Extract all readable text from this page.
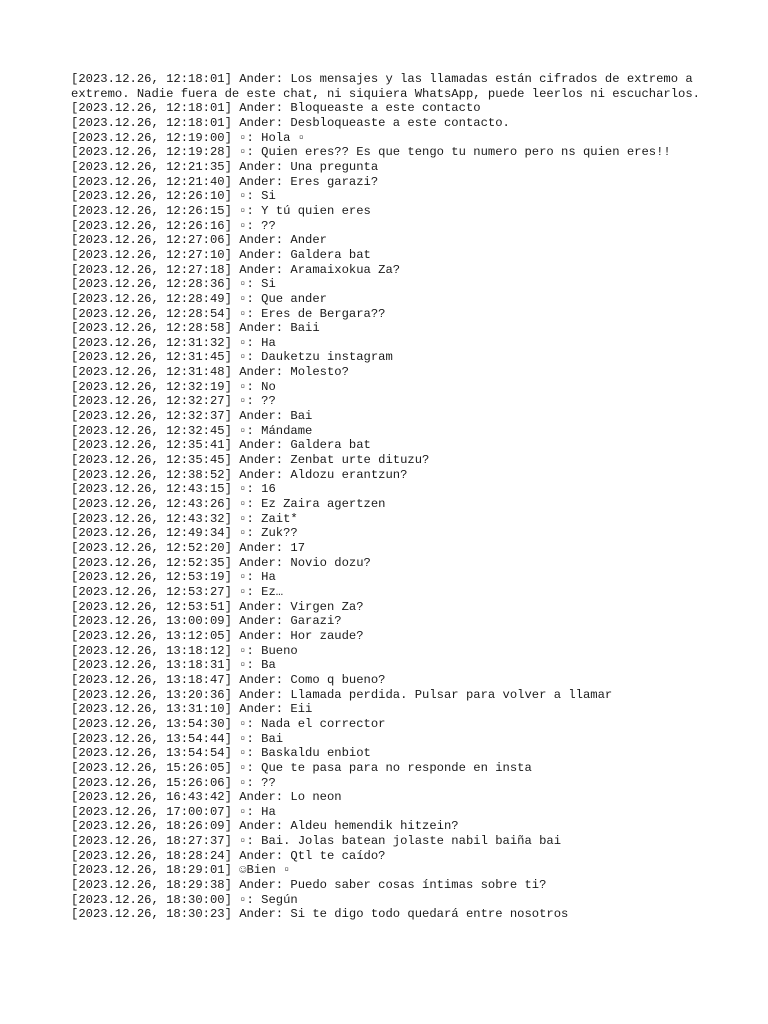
[2023.12.26, 12:18:01] Ander: Los mensajes y las llamadas están cifrados de extremo a extremo. Nadie fuera de este chat, ni siquiera WhatsApp, puede leerlos ni escucharlos.
[2023.12.26, 12:18:01] Ander: Bloqueaste a este contacto
[2023.12.26, 12:18:01] Ander: Desbloqueaste a este contacto.
[2023.12.26, 12:19:00] ▫: Hola ▫
[2023.12.26, 12:19:28] ▫: Quien eres?? Es que tengo tu numero pero ns quien eres!!
[2023.12.26, 12:21:35] Ander: Una pregunta
[2023.12.26, 12:21:40] Ander: Eres garazi?
[2023.12.26, 12:26:10] ▫: Si
[2023.12.26, 12:26:15] ▫: Y tú quien eres
[2023.12.26, 12:26:16] ▫: ??
[2023.12.26, 12:27:06] Ander: Ander
[2023.12.26, 12:27:10] Ander: Galdera bat
[2023.12.26, 12:27:18] Ander: Aramaixokua Za?
[2023.12.26, 12:28:36] ▫: Si
[2023.12.26, 12:28:49] ▫: Que ander
[2023.12.26, 12:28:54] ▫: Eres de Bergara??
[2023.12.26, 12:28:58] Ander: Baii
[2023.12.26, 12:31:32] ▫: Ha
[2023.12.26, 12:31:45] ▫: Dauketzu instagram
[2023.12.26, 12:31:48] Ander: Molesto?
[2023.12.26, 12:32:19] ▫: No
[2023.12.26, 12:32:27] ▫: ??
[2023.12.26, 12:32:37] Ander: Bai
[2023.12.26, 12:32:45] ▫: Mándame
[2023.12.26, 12:35:41] Ander: Galdera bat
[2023.12.26, 12:35:45] Ander: Zenbat urte dituzu?
[2023.12.26, 12:38:52] Ander: Aldozu erantzun?
[2023.12.26, 12:43:15] ▫: 16
[2023.12.26, 12:43:26] ▫: Ez Zaira agertzen
[2023.12.26, 12:43:32] ▫: Zait*
[2023.12.26, 12:49:34] ▫: Zuk??
[2023.12.26, 12:52:20] Ander: 17
[2023.12.26, 12:52:35] Ander: Novio dozu?
[2023.12.26, 12:53:19] ▫: Ha
[2023.12.26, 12:53:27] ▫: Ez…
[2023.12.26, 12:53:51] Ander: Virgen Za?
[2023.12.26, 13:00:09] Ander: Garazi?
[2023.12.26, 13:12:05] Ander: Hor zaude?
[2023.12.26, 13:18:12] ▫: Bueno
[2023.12.26, 13:18:31] ▫: Ba
[2023.12.26, 13:18:47] Ander: Como q bueno?
[2023.12.26, 13:20:36] Ander: Llamada perdida. Pulsar para volver a llamar
[2023.12.26, 13:31:10] Ander: Eii
[2023.12.26, 13:54:30] ▫: Nada el corrector
[2023.12.26, 13:54:44] ▫: Bai
[2023.12.26, 13:54:54] ▫: Baskaldu enbiot
[2023.12.26, 15:26:05] ▫: Que te pasa para no responde en insta
[2023.12.26, 15:26:06] ▫: ??
[2023.12.26, 16:43:42] Ander: Lo neon
[2023.12.26, 17:00:07] ▫: Ha
[2023.12.26, 18:26:09] Ander: Aldeu hemendik hitzein?
[2023.12.26, 18:27:37] ▫: Bai. Jolas batean jolaste nabil baiña bai
[2023.12.26, 18:28:24] Ander: Qtl te caído?
[2023.12.26, 18:29:01] ☺Bien ▫
[2023.12.26, 18:29:38] Ander: Puedo saber cosas íntimas sobre ti?
[2023.12.26, 18:30:00] ▫: Según
[2023.12.26, 18:30:23] Ander: Si te digo todo quedará entre nosotros
